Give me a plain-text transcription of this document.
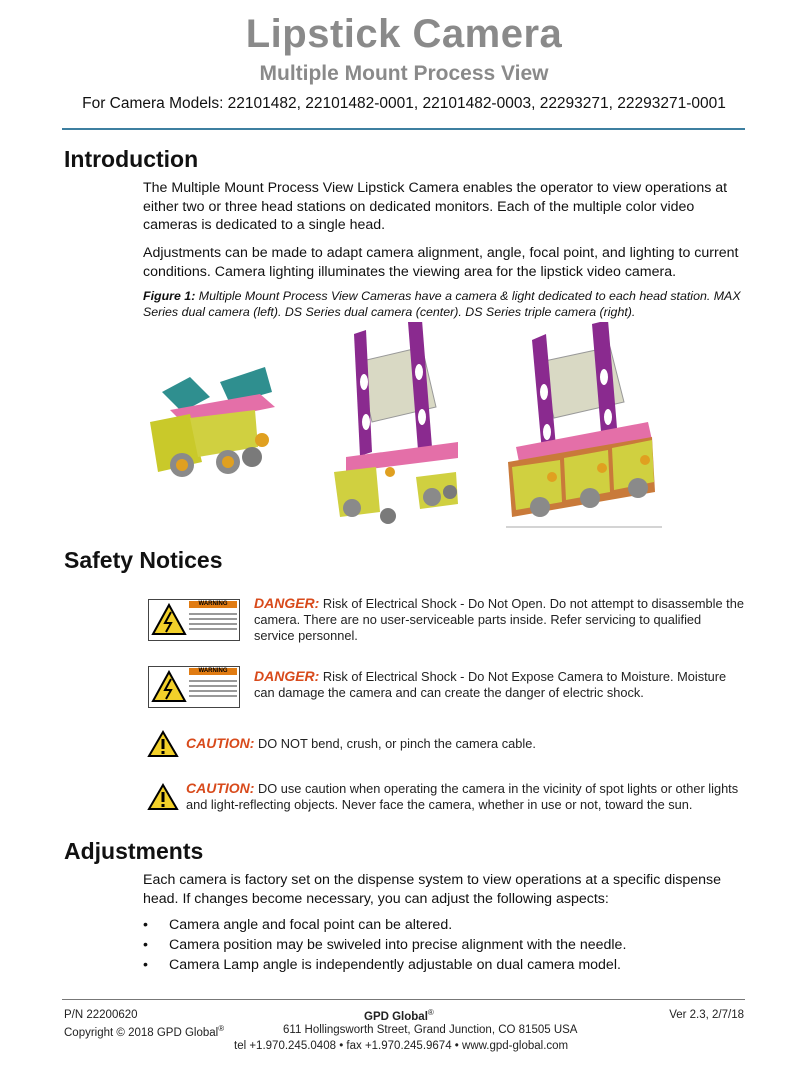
Lipstick Camera
Multiple Mount Process View
For Camera Models: 22101482, 22101482-0001, 22101482-0003, 22293271, 22293271-0001
Introduction

The Multiple Mount Process View Lipstick Camera enables the operator to view operations at either two or three head stations on dedicated monitors. Each of the multiple color video cameras is dedicated to a single head.

Adjustments can be made to adapt camera alignment, angle, focal point, and lighting to current conditions. Camera lighting illuminates the viewing area for the lipstick video camera.

Figure 1: Multiple Mount Process View Cameras have a camera & light dedicated to each head station. MAX Series dual camera (left). DS Series dual camera (center). DS Series triple camera (right).
Safety Notices
WARNING	DANGER: Risk of Electrical Shock - Do Not Open. Do not attempt to disassemble the camera. There are no user-serviceable parts inside. Refer servicing to qualified service personnel.
WARNING	DANGER: Risk of Electrical Shock - Do Not Expose Camera to Moisture. Moisture can damage the camera and can create the danger of electric shock.
CAUTION: DO NOT bend, crush, or pinch the camera cable.
CAUTION: DO use caution when operating the camera in the vicinity of spot lights or other lights and light-reflecting objects. Never face the camera, whether in use or not, toward the sun.
Adjustments

Each camera is factory set on the dispense system to view operations at a specific dispense head. If changes become necessary, you can adjust the following aspects:

• Camera angle and focal point can be altered.
• Camera position may be swiveled into precise alignment with the needle.
• Camera Lamp angle is independently adjustable on dual camera model.
P/N 22200620
Copyright © 2018 GPD Global®
GPD Global®
611 Hollingsworth Street, Grand Junction, CO 81505 USA
tel +1.970.245.0408 • fax +1.970.245.9674 • www.gpd-global.com
Ver 2.3, 2/7/18
